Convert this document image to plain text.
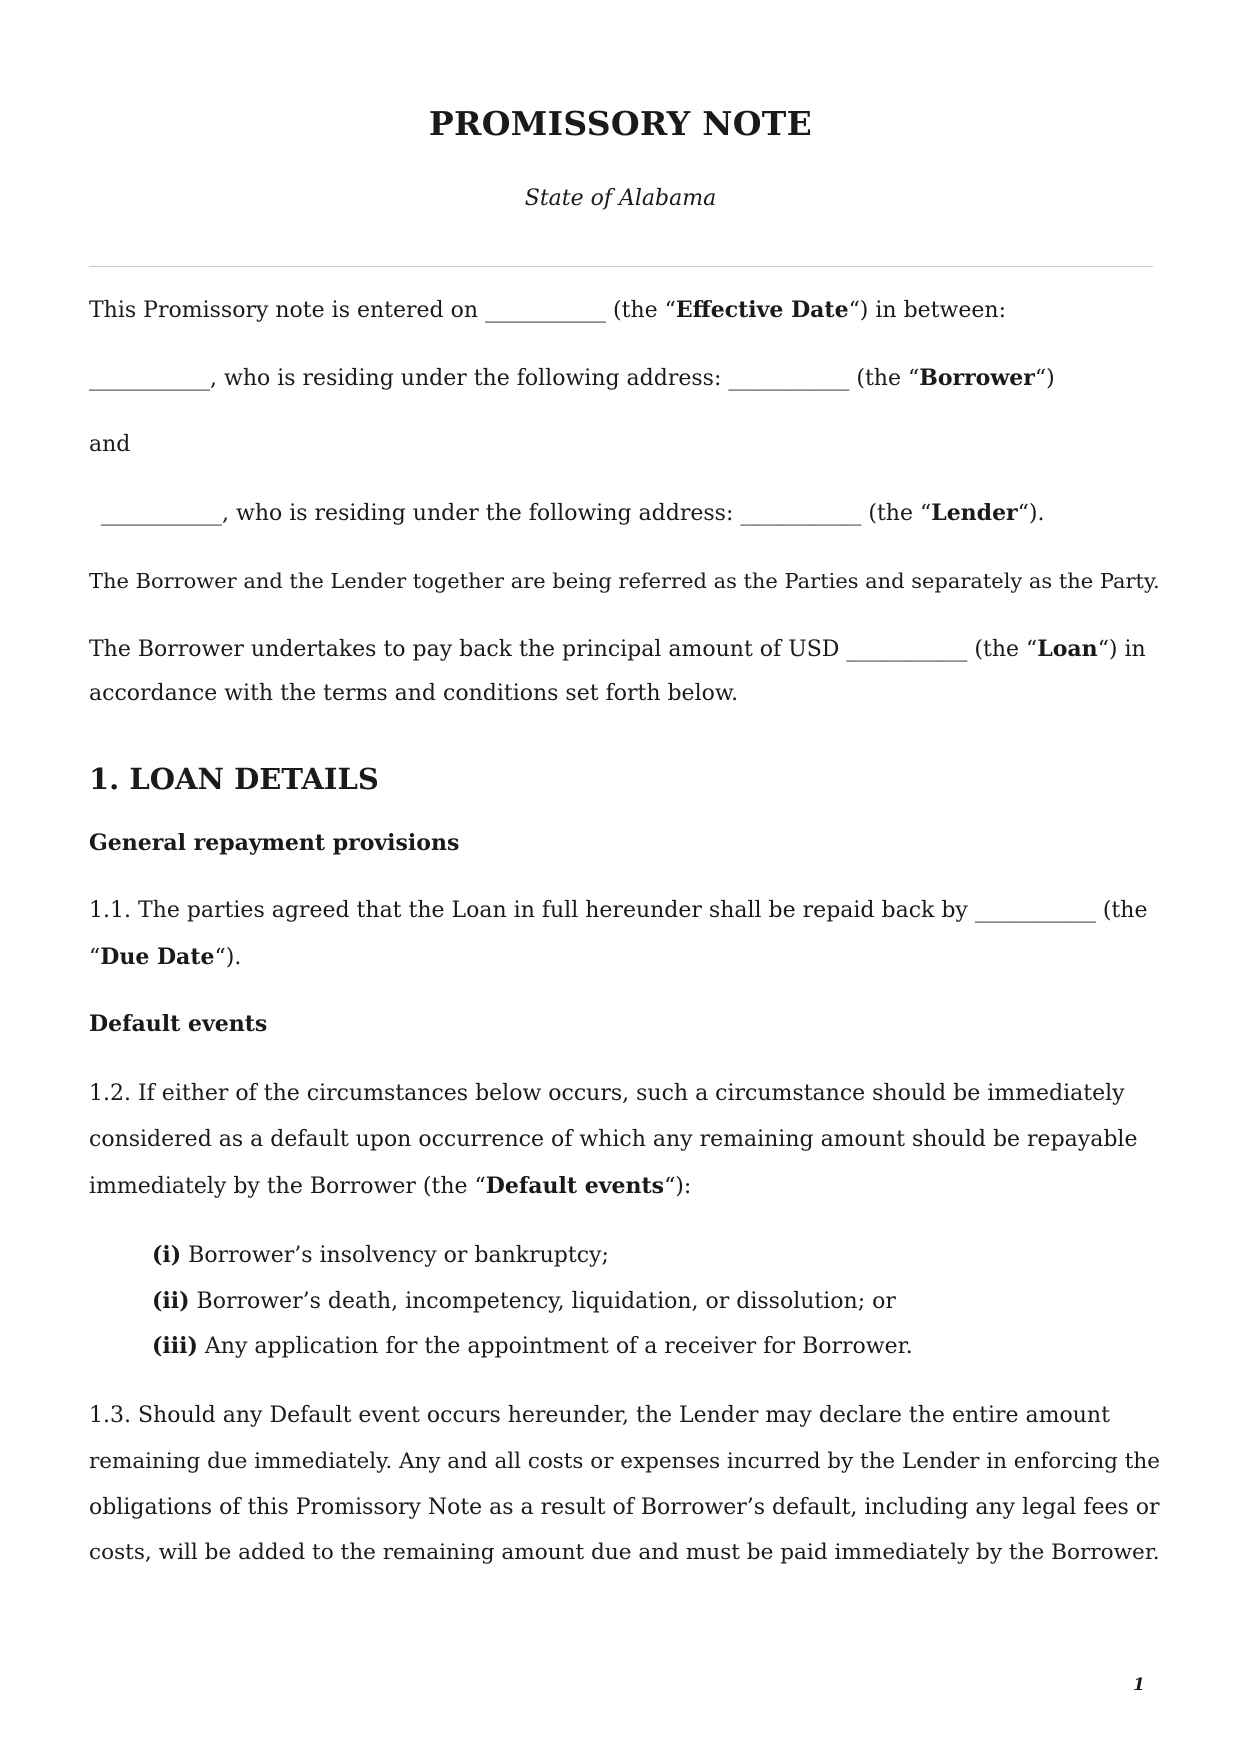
PROMISSORY NOTE
State of Alabama
This Promissory note is entered on ___________ (the “Effective Date“) in between:
___________, who is residing under the following address: ___________ (the “Borrower“)
and
___________, who is residing under the following address: ___________ (the “Lender“).
The Borrower and the Lender together are being referred as the Parties and separately as the Party.
The Borrower undertakes to pay back the principal amount of USD ___________ (the “Loan“) in
accordance with the terms and conditions set forth below.
1. LOAN DETAILS
General repayment provisions
1.1. The parties agreed that the Loan in full hereunder shall be repaid back by ___________ (the
“Due Date“).
Default events
1.2. If either of the circumstances below occurs, such a circumstance should be immediately
considered as a default upon occurrence of which any remaining amount should be repayable
immediately by the Borrower (the “Default events“):
(i) Borrower’s insolvency or bankruptcy;
(ii) Borrower’s death, incompetency, liquidation, or dissolution; or
(iii) Any application for the appointment of a receiver for Borrower.
1.3. Should any Default event occurs hereunder, the Lender may declare the entire amount
remaining due immediately. Any and all costs or expenses incurred by the Lender in enforcing the
obligations of this Promissory Note as a result of Borrower’s default, including any legal fees or
costs, will be added to the remaining amount due and must be paid immediately by the Borrower.
1
